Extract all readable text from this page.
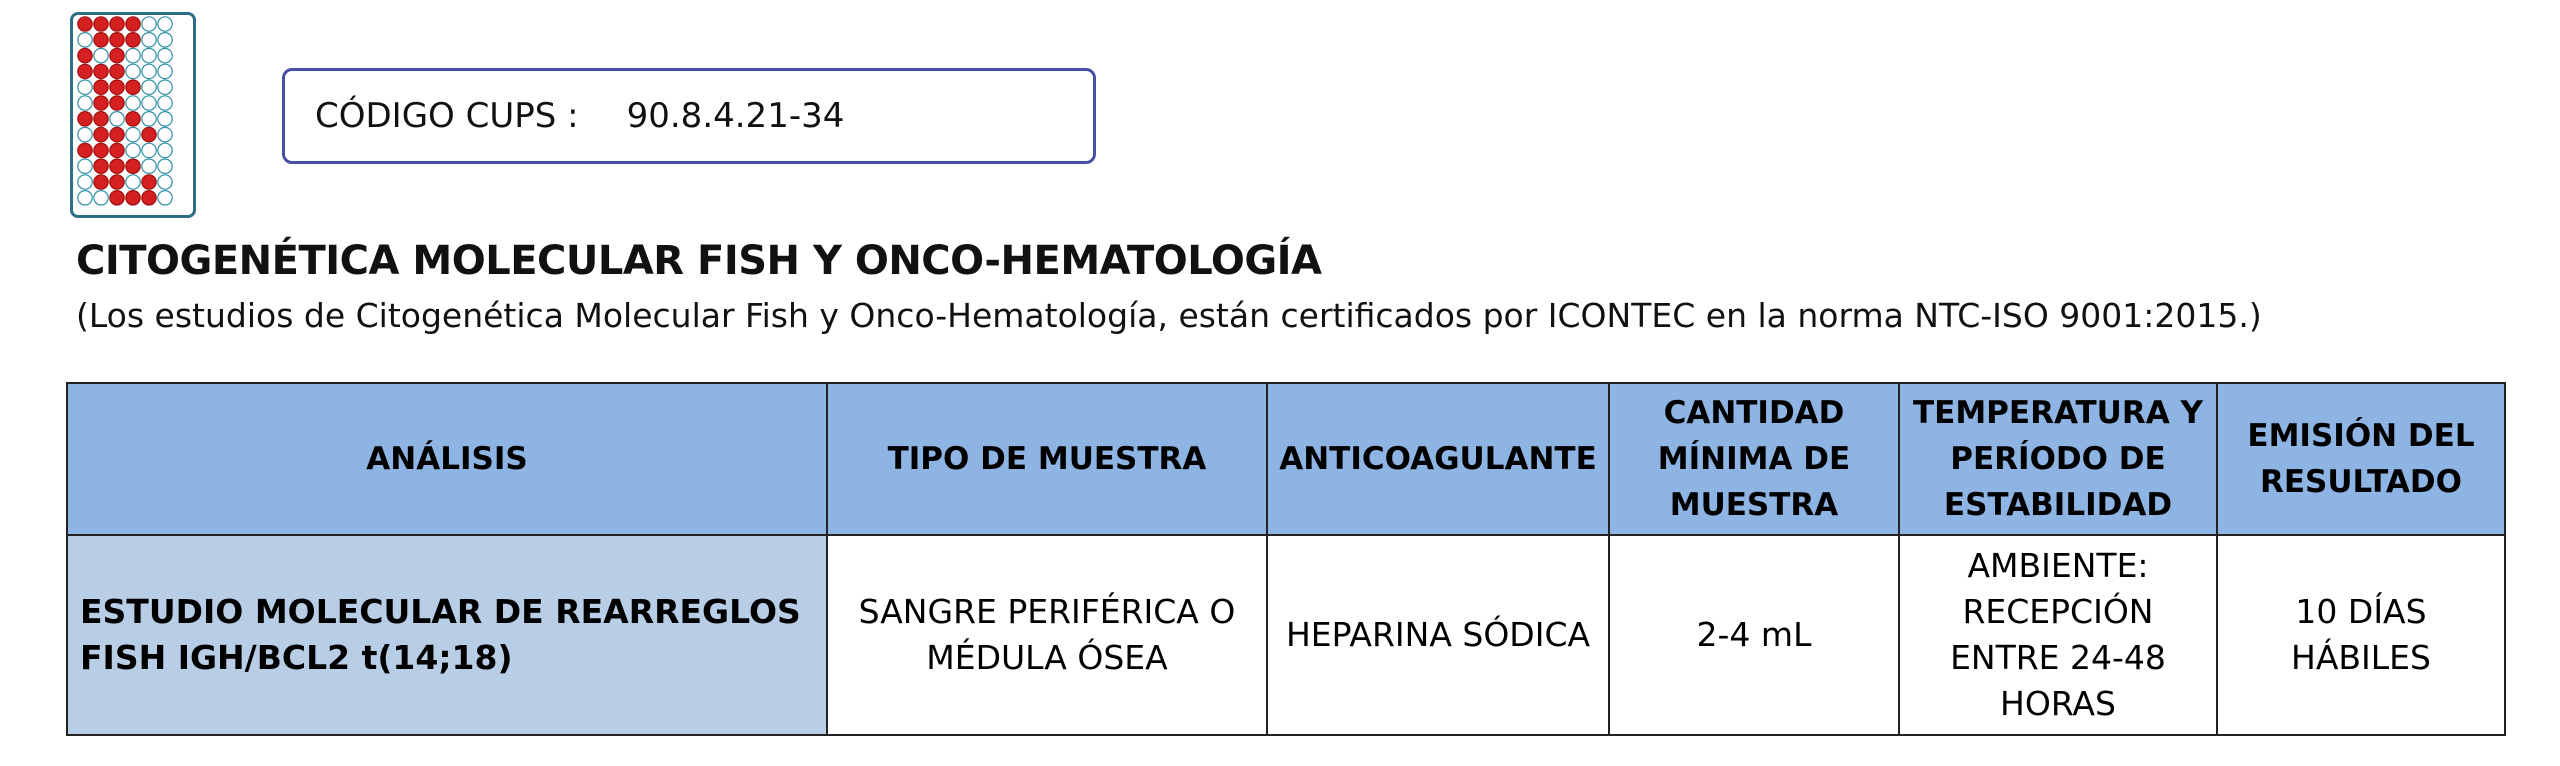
CÓDIGO CUPS : 90.8.4.21-34
CITOGENÉTICA MOLECULAR FISH Y ONCO-HEMATOLOGÍA
(Los estudios de Citogenética Molecular Fish y Onco-Hematología, están certificados por ICONTEC en la norma NTC-ISO 9001:2015.)
ANÁLISIS	TIPO DE MUESTRA	ANTICOAGULANTE	CANTIDAD MÍNIMA DE MUESTRA	TEMPERATURA Y PERÍODO DE ESTABILIDAD	EMISIÓN DEL RESULTADO
ESTUDIO MOLECULAR DE REARREGLOS FISH IGH/BCL2 t(14;18)	SANGRE PERIFÉRICA O MÉDULA ÓSEA	HEPARINA SÓDICA	2-4 mL	AMBIENTE: RECEPCIÓN ENTRE 24-48 HORAS	10 DÍAS HÁBILES
